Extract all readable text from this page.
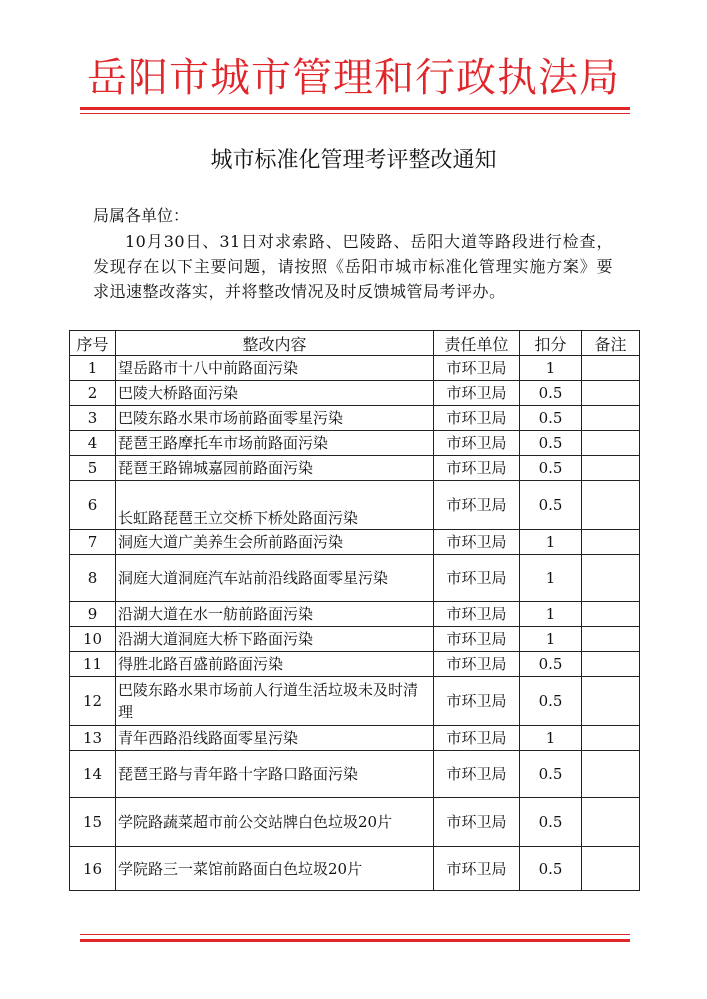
岳阳市城市管理和行政执法局
城市标准化管理考评整改通知
局属各单位：
10月30日、31日对求索路、巴陵路、岳阳大道等路段进行检查，发现存在以下主要问题，请按照《岳阳市城市标准化管理实施方案》要求迅速整改落实，并将整改情况及时反馈城管局考评办。
序号	整改内容	责任单位	扣分	备注
1	望岳路市十八中前路面污染	市环卫局	1	
2	巴陵大桥路面污染	市环卫局	0.5	
3	巴陵东路水果市场前路面零星污染	市环卫局	0.5	
4	琵琶王路摩托车市场前路面污染	市环卫局	0.5	
5	琵琶王路锦城嘉园前路面污染	市环卫局	0.5	
6	长虹路琵琶王立交桥下桥处路面污染	市环卫局	0.5	
7	洞庭大道广美养生会所前路面污染	市环卫局	1	
8	洞庭大道洞庭汽车站前沿线路面零星污染	市环卫局	1	
9	沿湖大道在水一舫前路面污染	市环卫局	1	
10	沿湖大道洞庭大桥下路面污染	市环卫局	1	
11	得胜北路百盛前路面污染	市环卫局	0.5	
12	巴陵东路水果市场前人行道生活垃圾未及时清理	市环卫局	0.5	
13	青年西路沿线路面零星污染	市环卫局	1	
14	琵琶王路与青年路十字路口路面污染	市环卫局	0.5	
15	学院路蔬菜超市前公交站牌白色垃圾20片	市环卫局	0.5	
16	学院路三一菜馆前路面白色垃圾20片	市环卫局	0.5	
